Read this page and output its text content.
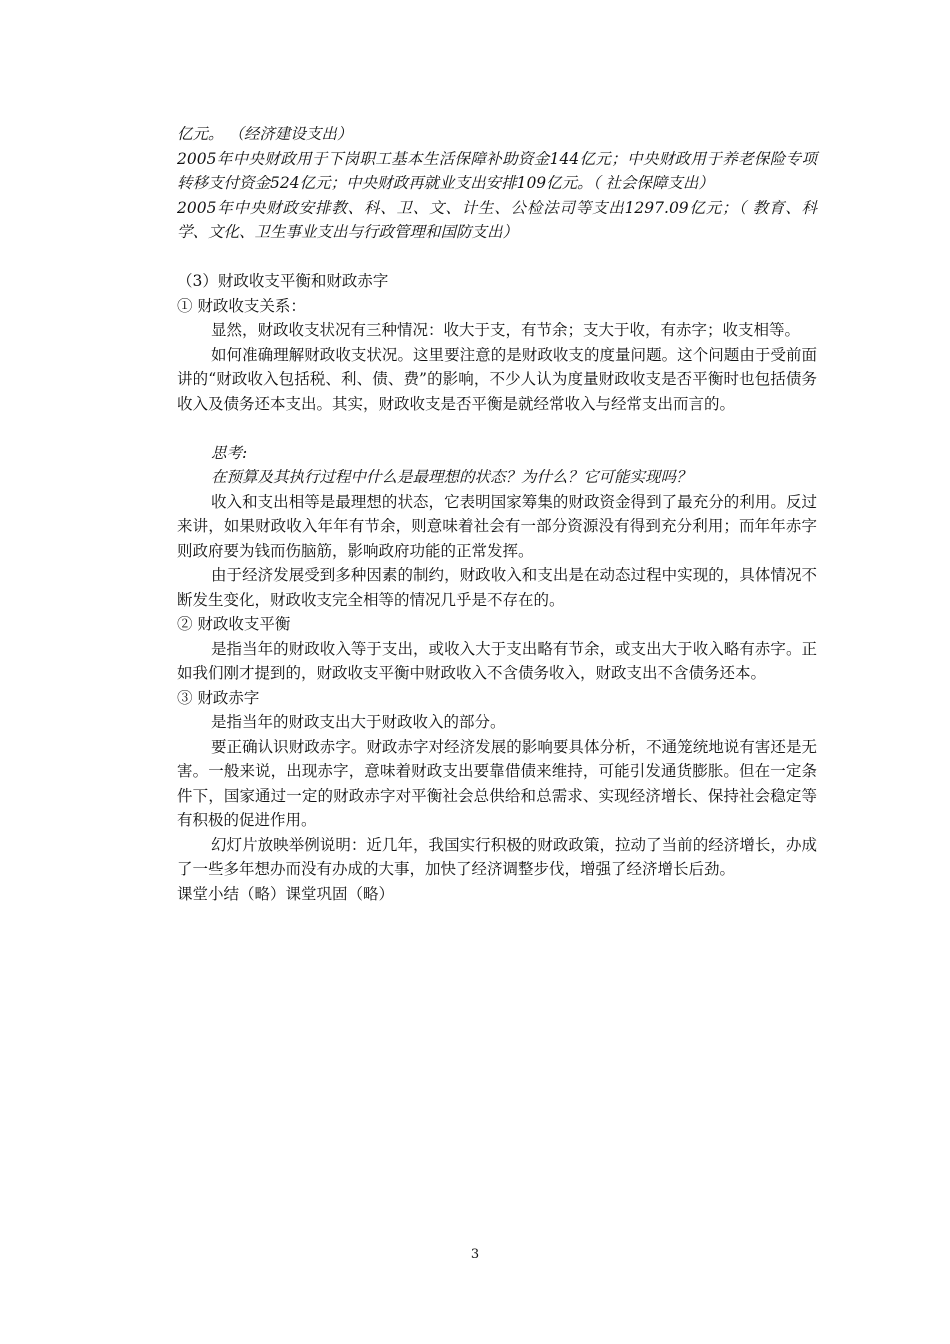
亿元。 （经济建设支出）

2005年中央财政用于下岗职工基本生活保障补助资金144亿元；中央财政用于养老保险专项转移支付资金524亿元；中央财政再就业支出安排109亿元。（ 社会保障支出）

2005年中央财政安排教、科、卫、文、计生、公检法司等支出1297.09亿元；（ 教育、科学、文化、卫生事业支出与行政管理和国防支出）

（3）财政收支平衡和财政赤字

① 财政收支关系：

显然，财政收支状况有三种情况：收大于支，有节余；支大于收，有赤字；收支相等。

如何准确理解财政收支状况。这里要注意的是财政收支的度量问题。这个问题由于受前面讲的“财政收入包括税、利、债、费”的影响，不少人认为度量财政收支是否平衡时也包括债务收入及债务还本支出。其实，财政收支是否平衡是就经常收入与经常支出而言的。

思考:

在预算及其执行过程中什么是最理想的状态？为什么？它可能实现吗？

收入和支出相等是最理想的状态，它表明国家筹集的财政资金得到了最充分的利用。反过来讲，如果财政收入年年有节余，则意味着社会有一部分资源没有得到充分利用；而年年赤字则政府要为钱而伤脑筋，影响政府功能的正常发挥。

由于经济发展受到多种因素的制约，财政收入和支出是在动态过程中实现的，具体情况不断发生变化，财政收支完全相等的情况几乎是不存在的。

② 财政收支平衡

是指当年的财政收入等于支出，或收入大于支出略有节余，或支出大于收入略有赤字。正如我们刚才提到的，财政收支平衡中财政收入不含债务收入，财政支出不含债务还本。

③ 财政赤字

是指当年的财政支出大于财政收入的部分。

要正确认识财政赤字。财政赤字对经济发展的影响要具体分析，不通笼统地说有害还是无害。一般来说，出现赤字，意味着财政支出要靠借债来维持，可能引发通货膨胀。但在一定条件下，国家通过一定的财政赤字对平衡社会总供给和总需求、实现经济增长、保持社会稳定等有积极的促进作用。

幻灯片放映举例说明：近几年，我国实行积极的财政政策，拉动了当前的经济增长，办成了一些多年想办而没有办成的大事，加快了经济调整步伐，增强了经济增长后劲。

课堂小结（略）课堂巩固（略）

3
